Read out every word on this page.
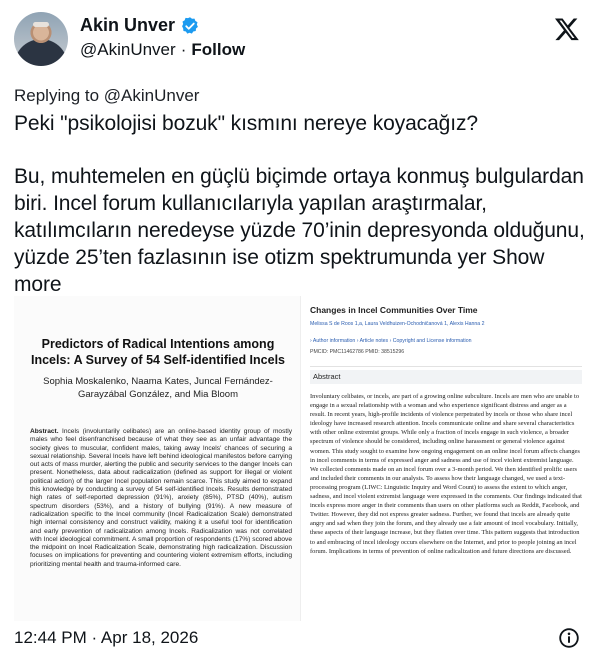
Akin Unver
@AkinUnver · Follow
Replying to @AkinUnver

Peki "psikolojisi bozuk" kısmını nereye koyacağız?

Bu, muhtemelen en güçlü biçimde ortaya konmuş bulgulardan biri. Incel forum kullanıcılarıyla yapılan araştırmalar, katılımcıların neredeyse yüzde 70’inin depresyonda olduğunu, yüzde 25’ten fazlasının ise otizm spektrumunda yer Show more

Predictors of Radical Intentions among Incels: A Survey of 54 Self-identified Incels
Sophia Moskalenko, Naama Kates, Juncal Fernández-Garayzábal González, and Mia Bloom
Abstract. Incels (involuntarily celibates) are an online-based identity group of mostly males who feel disenfranchised because of what they see as an unfair advantage the society gives to muscular, confident males, taking away Incels' chances of securing a sexual relationship. Several Incels have left behind ideological manifestos before carrying out acts of mass murder, alerting the public and security services to the danger Incels can present. Nonetheless, data about radicalization (defined as support for illegal or violent political action) of the larger Incel population remain scarce. This study aimed to expand this knowledge by conducting a survey of 54 self-identified Incels. Results demonstrated high rates of self-reported depression (91%), anxiety (85%), PTSD (40%), autism spectrum disorders (53%), and a history of bullying (91%). A new measure of radicalization specific to the Incel community (Incel Radicalization Scale) demonstrated high internal consistency and construct validity, making it a useful tool for identification and early prevention of radicalization among Incels. Radicalization was not correlated with Incel ideological commitment. A small proportion of respondents (17%) scored above the midpoint on Incel Radicalization Scale, demonstrating high radicalization. Discussion focuses on implications for preventing and countering violent extremism efforts, including prioritizing mental health and trauma-informed care.
Changes in Incel Communities Over Time
Melissa S de Roos 1,a, Laura Veldhuizen-Ochodničanová 1, Alexis Hanna 2
› Author information › Article notes › Copyright and License information
PMCID: PMC11462786 PMID: 38515296
Abstract
Involuntary celibates, or incels, are part of a growing online subculture. Incels are men who are unable to engage in a sexual relationship with a woman and who experience significant distress and anger as a result. In recent years, high-profile incidents of violence perpetrated by incels or those who share incel ideology have increased research attention. Incels communicate online and share several characteristics with other online extremist groups. While only a fraction of incels engage in such violence, a broader spectrum of violence should be considered, including online harassment or general violence against women. This study sought to examine how ongoing engagement on an online incel forum affects changes in incel comments in terms of expressed anger and sadness and use of incel violent extremist language. We collected comments made on an incel forum over a 3-month period. We then identified prolific users and included their comments in our analysis. To assess how their language changed, we used a text-processing program (LIWC: Linguistic Inquiry and Word Count) to assess the extent to which anger, sadness, and incel violent extremist language were expressed in the comments. Our findings indicated that incels express more anger in their comments than users on other platforms such as Reddit, Facebook, and Twitter. However, they did not express greater sadness. Further, we found that incels are already quite angry and sad when they join the forum, and they already use a fair amount of incel vocabulary. Initially, these aspects of their language increase, but they flatten over time. This pattern suggests that introduction to and embracing of incel ideology occurs elsewhere on the Internet, and prior to people joining an incel forum. Implications in terms of prevention of online radicalization and future directions are discussed.
12:44 PM · Apr 18, 2026
